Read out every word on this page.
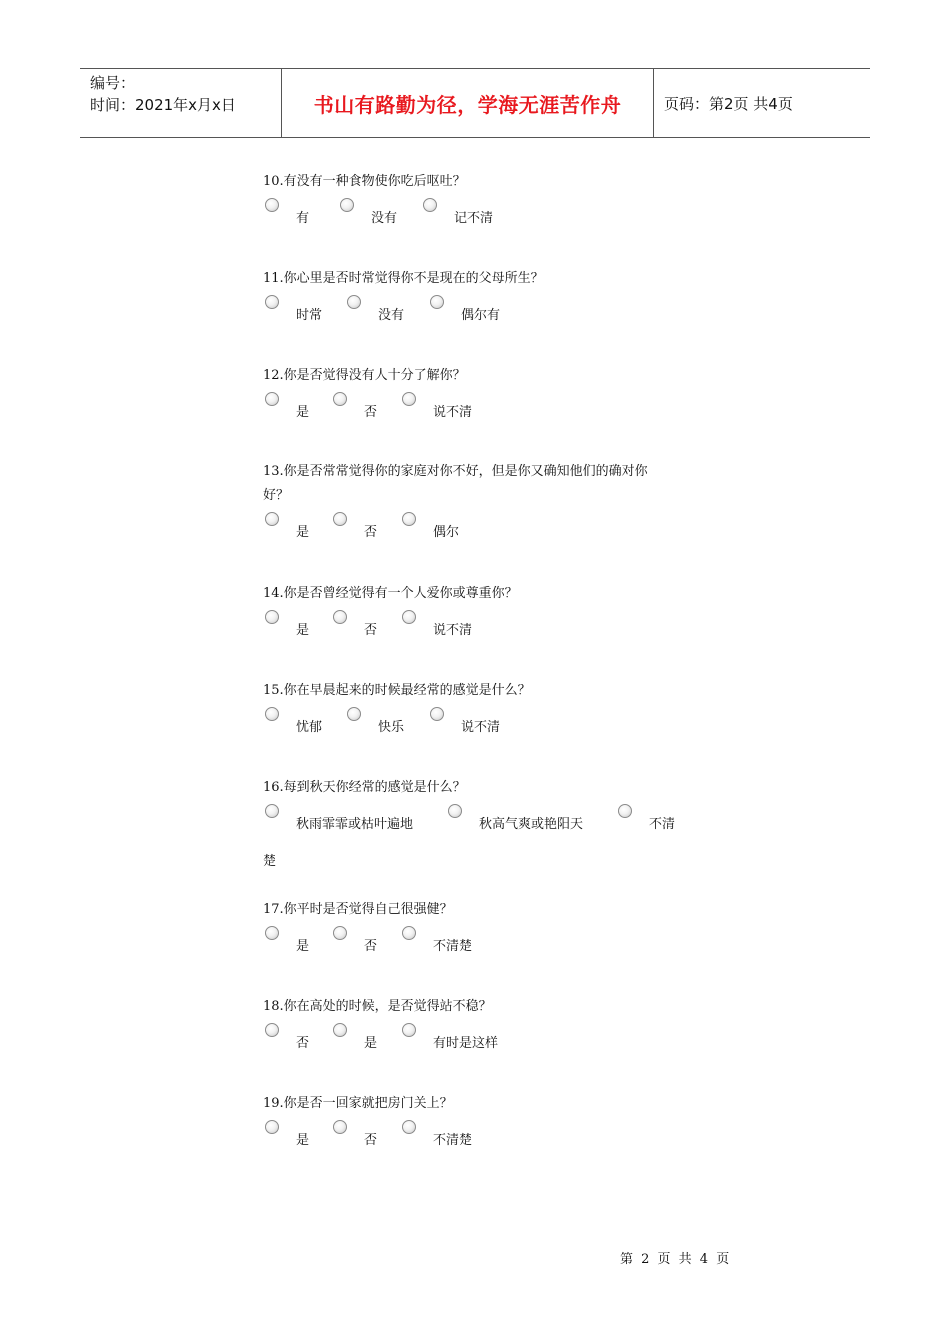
编号：
时间：2021年x月x日	书山有路勤为径，学海无涯苦作舟	页码：第2页 共4页
10.有没有一种食物使你吃后呕吐？
有	没有	记不清
11.你心里是否时常觉得你不是现在的父母所生？
时常	没有	偶尔有
12.你是否觉得没有人十分了解你？
是	否	说不清
13.你是否常常觉得你的家庭对你不好，但是你又确知他们的确对你
好？
是	否	偶尔
14.你是否曾经觉得有一个人爱你或尊重你？
是	否	说不清
15.你在早晨起来的时候最经常的感觉是什么？
忧郁	快乐	说不清
16.每到秋天你经常的感觉是什么？
秋雨霏霏或枯叶遍地	秋高气爽或艳阳天	不清
楚
17.你平时是否觉得自己很强健？
是	否	不清楚
18.你在高处的时候，是否觉得站不稳？
否	是	有时是这样
19.你是否一回家就把房门关上？
是	否	不清楚
第 2 页 共 4 页
